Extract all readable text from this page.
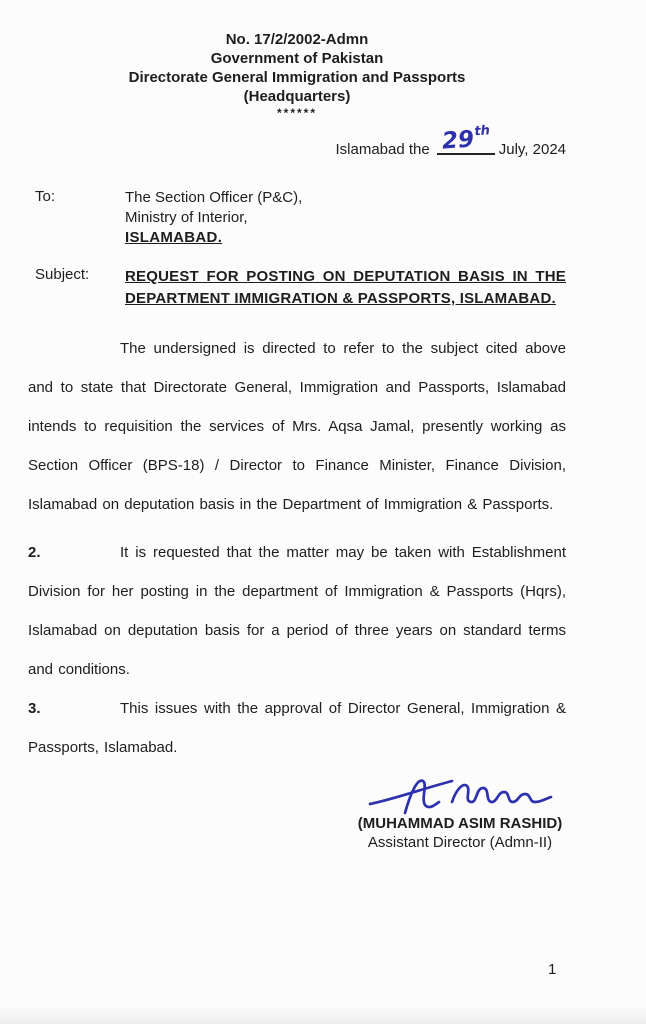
No. 17/2/2002-Admn
Government of Pakistan
Directorate General Immigration and Passports
(Headquarters)
******
Islamabad the 29thJuly, 2024
To:	The Section Officer (P&C),
Ministry of Interior,
ISLAMABAD.
Subject:	REQUEST FOR POSTING ON DEPUTATION BASIS IN THE DEPARTMENT IMMIGRATION & PASSPORTS, ISLAMABAD.
The undersigned is directed to refer to the subject cited above and to state that Directorate General, Immigration and Passports, Islamabad intends to requisition the services of Mrs. Aqsa Jamal, presently working as Section Officer (BPS-18) / Director to Finance Minister, Finance Division, Islamabad on deputation basis in the Department of Immigration & Passports.
2.	It is requested that the matter may be taken with Establishment Division for her posting in the department of Immigration & Passports (Hqrs), Islamabad on deputation basis for a period of three years on standard terms and conditions.
3.	This issues with the approval of Director General, Immigration & Passports, Islamabad.
(MUHAMMAD ASIM RASHID)
Assistant Director (Admn-II)
1
